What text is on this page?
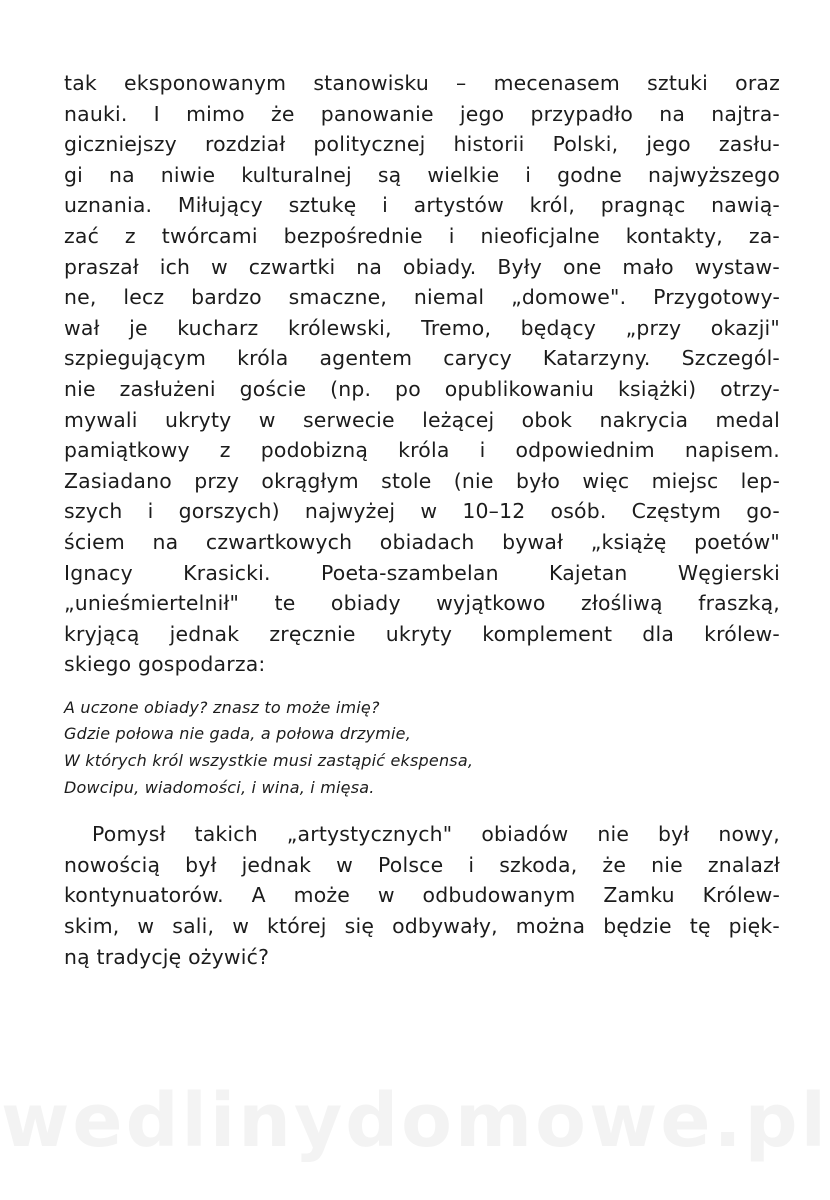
tak eksponowanym stanowisku – mecenasem sztuki oraz
nauki. I mimo że panowanie jego przypadło na najtra-
giczniejszy rozdział politycznej historii Polski, jego zasłu-
gi na niwie kulturalnej są wielkie i godne najwyższego
uznania. Miłujący sztukę i artystów król, pragnąc nawią-
zać z twórcami bezpośrednie i nieoficjalne kontakty, za-
praszał ich w czwartki na obiady. Były one mało wystaw-
ne, lecz bardzo smaczne, niemal „domowe". Przygotowy-
wał je kucharz królewski, Tremo, będący „przy okazji"
szpiegującym króla agentem carycy Katarzyny. Szczegól-
nie zasłużeni goście (np. po opublikowaniu książki) otrzy-
mywali ukryty w serwecie leżącej obok nakrycia medal
pamiątkowy z podobizną króla i odpowiednim napisem.
Zasiadano przy okrągłym stole (nie było więc miejsc lep-
szych i gorszych) najwyżej w 10–12 osób. Częstym go-
ściem na czwartkowych obiadach bywał „książę poetów"
Ignacy Krasicki. Poeta-szambelan Kajetan Węgierski
„unieśmiertelnił" te obiady wyjątkowo złośliwą fraszką,
kryjącą jednak zręcznie ukryty komplement dla królew-
skiego gospodarza:

A uczone obiady? znasz to może imię?
Gdzie połowa nie gada, a połowa drzymie,
W których król wszystkie musi zastąpić ekspensa,
Dowcipu, wiadomości, i wina, i mięsa.

Pomysł takich „artystycznych" obiadów nie był nowy,
nowością był jednak w Polsce i szkoda, że nie znalazł
kontynuatorów. A może w odbudowanym Zamku Królew-
skim, w sali, w której się odbywały, można będzie tę pięk-
ną tradycję ożywić?

wedlinydomowe.pl
